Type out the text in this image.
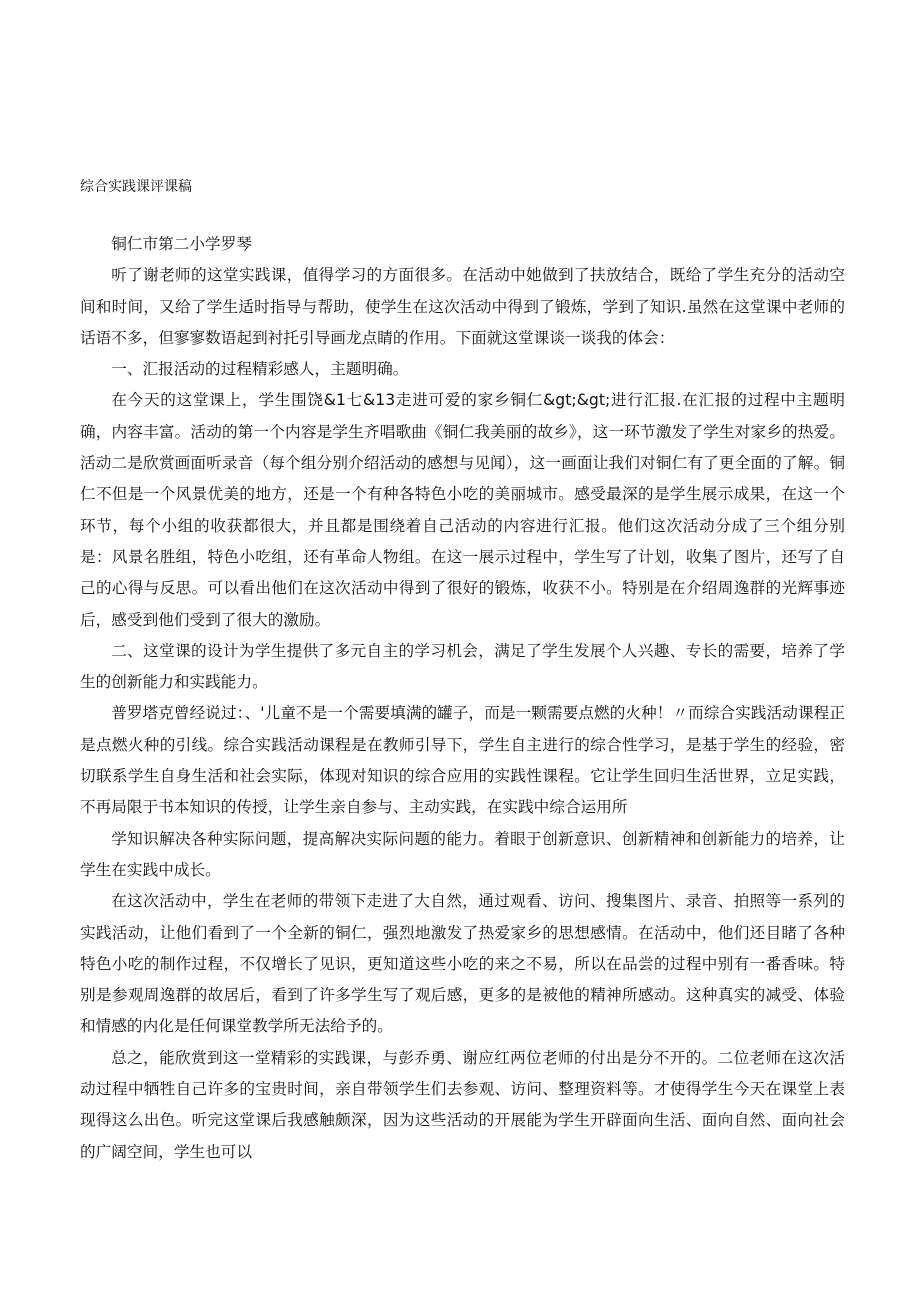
综合实践课评课稿

铜仁市第二小学罗琴

听了谢老师的这堂实践课，值得学习的方面很多。在活动中她做到了扶放结合，既给了学生充分的活动空间和时间，又给了学生适时指导与帮助，使学生在这次活动中得到了锻炼，学到了知识.虽然在这堂课中老师的话语不多，但寥寥数语起到衬托引导画龙点睛的作用。下面就这堂课谈一谈我的体会：

一、汇报活动的过程精彩感人，主题明确。

在今天的这堂课上，学生围饶&1七&13走进可爱的家乡铜仁&gt;&gt;进行汇报.在汇报的过程中主题明确，内容丰富。活动的第一个内容是学生齐唱歌曲《铜仁我美丽的故乡》，这一环节激发了学生对家乡的热爱。活动二是欣赏画面听录音（每个组分别介绍活动的感想与见闻），这一画面让我们对铜仁有了更全面的了解。铜仁不但是一个风景优美的地方，还是一个有种各特色小吃的美丽城市。感受最深的是学生展示成果，在这一个环节，每个小组的收获都很大，并且都是围绕着自己活动的内容进行汇报。他们这次活动分成了三个组分别是：风景名胜组，特色小吃组，还有革命人物组。在这一展示过程中，学生写了计划，收集了图片，还写了自己的心得与反思。可以看出他们在这次活动中得到了很好的锻炼，收获不小。特别是在介绍周逸群的光辉事迹后，感受到他们受到了很大的激励。

二、这堂课的设计为学生提供了多元自主的学习机会，满足了学生发展个人兴趣、专长的需要，培养了学生的创新能力和实践能力。

普罗塔克曾经说过：、'儿童不是一个需要填满的罐子，而是一颗需要点燃的火种！〃而综合实践活动课程正是点燃火种的引线。综合实践活动课程是在教师引导下，学生自主进行的综合性学习，是基于学生的经验，密切联系学生自身生活和社会实际，体现对知识的综合应用的实践性课程。它让学生回归生活世界，立足实践，不再局限于书本知识的传授，让学生亲自参与、主动实践，在实践中综合运用所

学知识解决各种实际问题，提高解决实际问题的能力。着眼于创新意识、创新精神和创新能力的培养，让学生在实践中成长。

在这次活动中，学生在老师的带领下走进了大自然，通过观看、访问、搜集图片、录音、拍照等一系列的实践活动，让他们看到了一个全新的铜仁，强烈地激发了热爱家乡的思想感情。在活动中，他们还目睹了各种特色小吃的制作过程，不仅增长了见识，更知道这些小吃的来之不易，所以在品尝的过程中别有一番香味。特别是参观周逸群的故居后，看到了许多学生写了观后感，更多的是被他的精神所感动。这种真实的减受、体验和情感的内化是任何课堂教学所无法给予的。

总之，能欣赏到这一堂精彩的实践课，与彭乔勇、谢应红两位老师的付出是分不开的。二位老师在这次活动过程中牺牲自己许多的宝贵时间，亲自带领学生们去参观、访问、整理资料等。才使得学生今天在课堂上表现得这么出色。听完这堂课后我感触颇深，因为这些活动的开展能为学生开辟面向生活、面向自然、面向社会的广阔空间，学生也可以
